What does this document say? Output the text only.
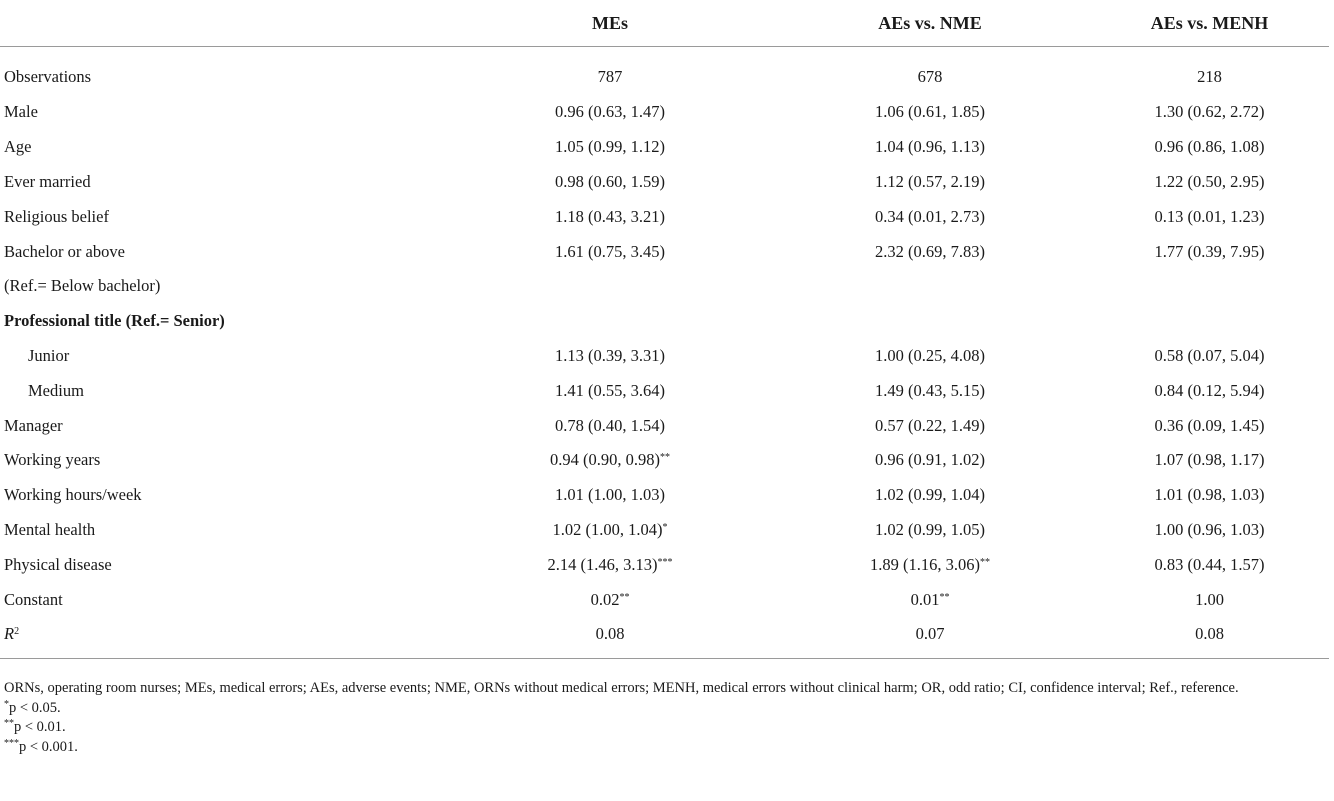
	MEs	AEs vs. NME	AEs vs. MENH
Observations	787	678	218
Male	0.96 (0.63, 1.47)	1.06 (0.61, 1.85)	1.30 (0.62, 2.72)
Age	1.05 (0.99, 1.12)	1.04 (0.96, 1.13)	0.96 (0.86, 1.08)
Ever married	0.98 (0.60, 1.59)	1.12 (0.57, 2.19)	1.22 (0.50, 2.95)
Religious belief	1.18 (0.43, 3.21)	0.34 (0.01, 2.73)	0.13 (0.01, 1.23)
Bachelor or above	1.61 (0.75, 3.45)	2.32 (0.69, 7.83)	1.77 (0.39, 7.95)
(Ref.= Below bachelor)			
Professional title (Ref.= Senior)			
Junior	1.13 (0.39, 3.31)	1.00 (0.25, 4.08)	0.58 (0.07, 5.04)
Medium	1.41 (0.55, 3.64)	1.49 (0.43, 5.15)	0.84 (0.12, 5.94)
Manager	0.78 (0.40, 1.54)	0.57 (0.22, 1.49)	0.36 (0.09, 1.45)
Working years	0.94 (0.90, 0.98)**	0.96 (0.91, 1.02)	1.07 (0.98, 1.17)
Working hours/week	1.01 (1.00, 1.03)	1.02 (0.99, 1.04)	1.01 (0.98, 1.03)
Mental health	1.02 (1.00, 1.04)*	1.02 (0.99, 1.05)	1.00 (0.96, 1.03)
Physical disease	2.14 (1.46, 3.13)***	1.89 (1.16, 3.06)**	0.83 (0.44, 1.57)
Constant	0.02**	0.01**	1.00
$R^2$	0.08	0.07	0.08

ORNs, operating room nurses; MEs, medical errors; AEs, adverse events; NME, ORNs without medical errors; MENH, medical errors without clinical harm; OR, odd ratio; CI, confidence interval; Ref., reference.

*p < 0.05.

**p < 0.01.

***p < 0.001.
